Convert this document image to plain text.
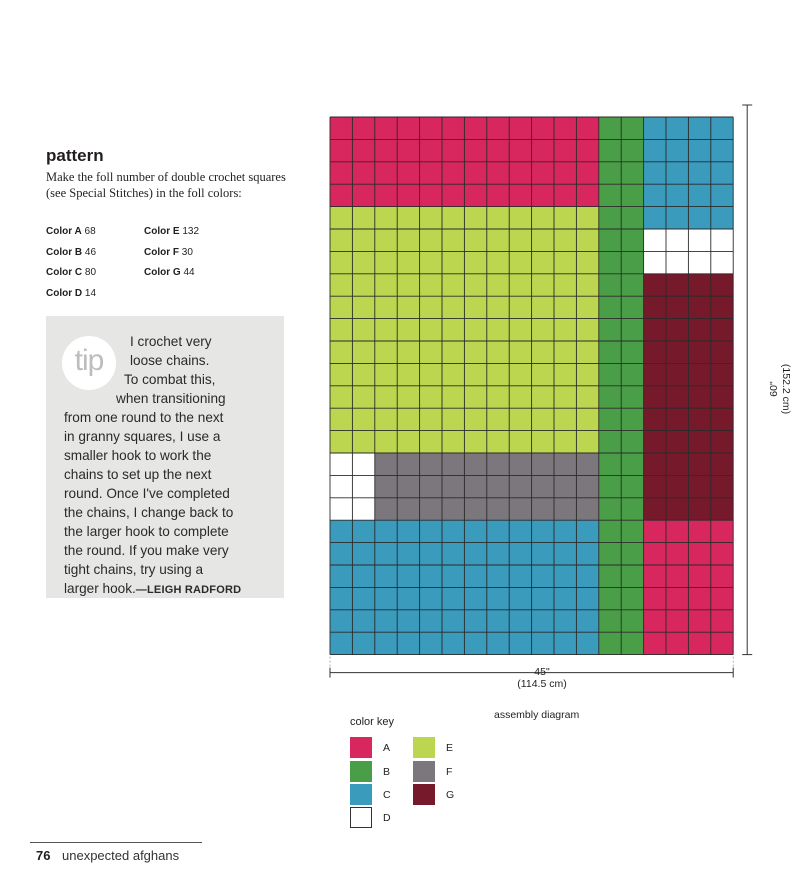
pattern

Make the foll number of double crochet squares (see Special Stitches) in the foll colors:

Color A 68
Color B 46
Color C 80
Color D 14
Color E 132
Color F 30
Color G 44
tip
I crochet very
loose chains.
To combat this,
when transitioning
from one round to the next
in granny squares, I use a
smaller hook to work the
chains to set up the next
round. Once I've completed
the chains, I change back to
the larger hook to complete
the round. If you make very
tight chains, try using a
larger hook.—LEIGH RADFORD
45"
(114.5 cm)
60" (152.2 cm)
assembly diagram
color key
A
B
C
D
E
F
G
76 unexpected afghans
